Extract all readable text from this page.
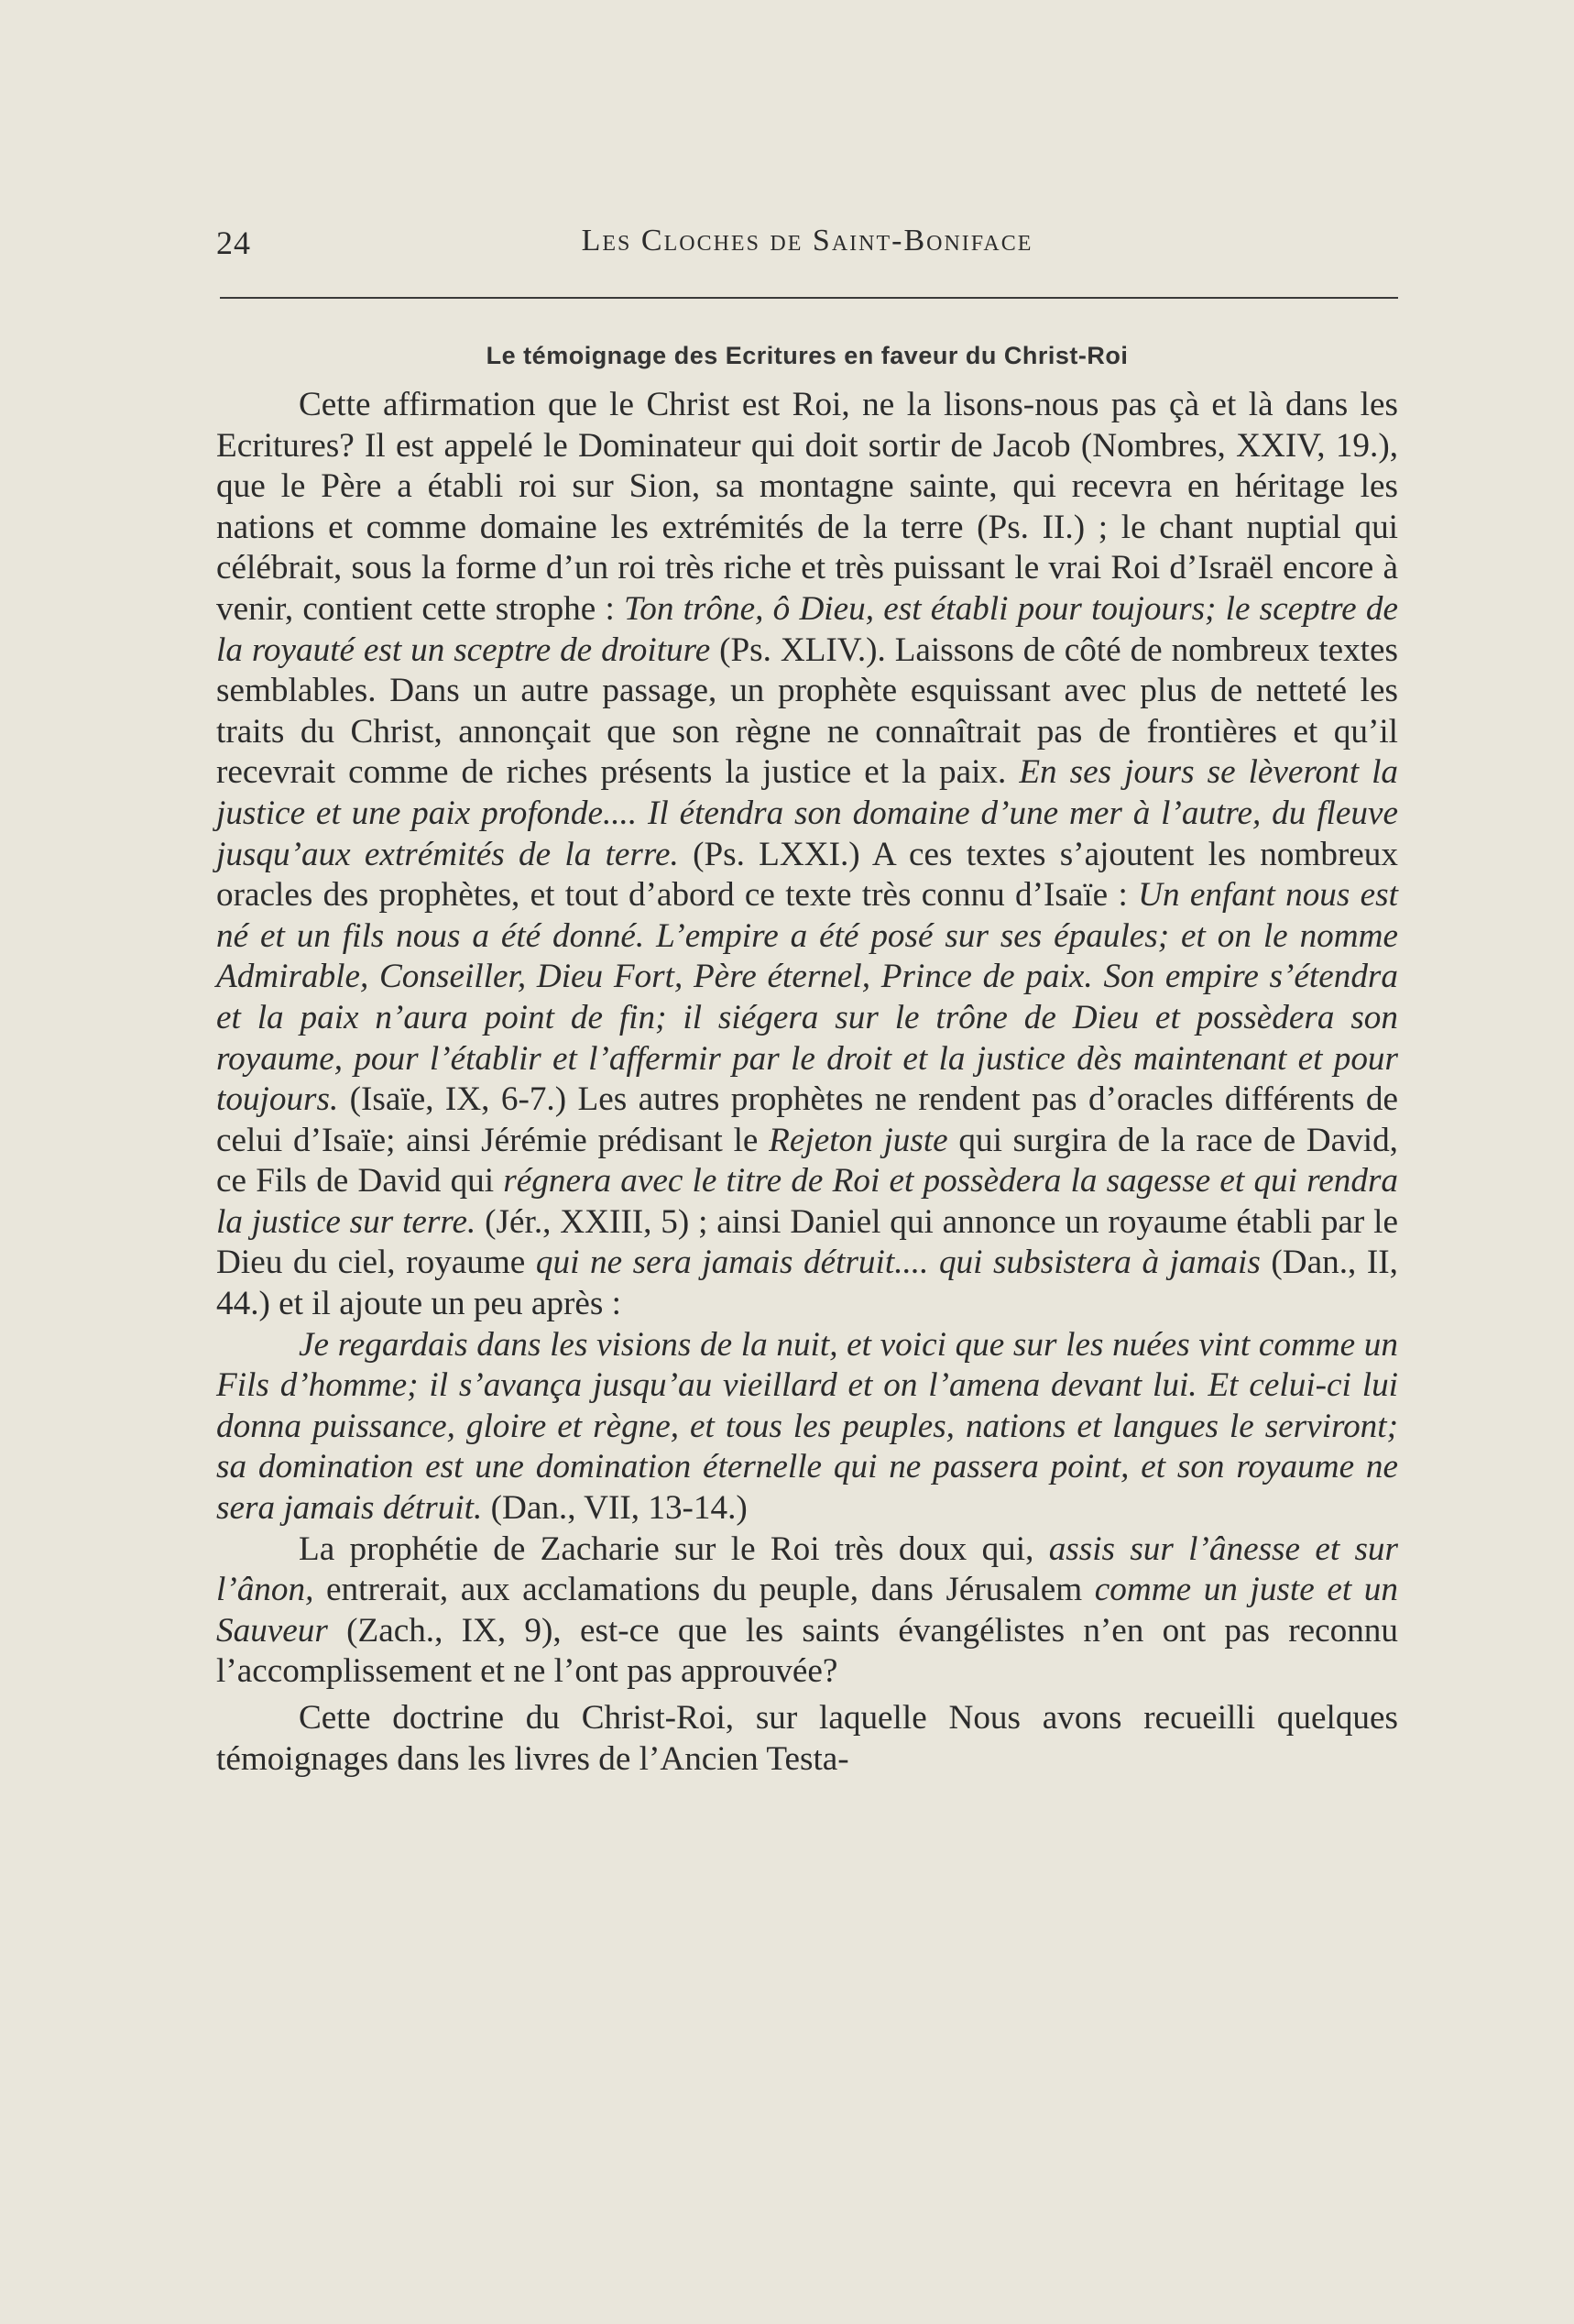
24	Les Cloches de Saint-Boniface
Le témoignage des Ecritures en faveur du Christ-Roi

Cette affirmation que le Christ est Roi, ne la lisons-nous pas çà et là dans les Ecritures? Il est appelé le Dominateur qui doit sortir de Jacob (Nombres, XXIV, 19.), que le Père a établi roi sur Sion, sa montagne sainte, qui recevra en héritage les nations et comme domaine les extrémités de la terre (Ps. II.) ; le chant nuptial qui célébrait, sous la forme d’un roi très riche et très puissant le vrai Roi d’Israël encore à venir, contient cette strophe : Ton trône, ô Dieu, est établi pour toujours; le sceptre de la royauté est un sceptre de droiture (Ps. XLIV.). Laissons de côté de nombreux textes semblables. Dans un autre passage, un prophète esquissant avec plus de netteté les traits du Christ, annonçait que son règne ne connaîtrait pas de frontières et qu’il recevrait comme de riches présents la justice et la paix. En ses jours se lèveront la justice et une paix profonde.... Il étendra son domaine d’une mer à l’autre, du fleuve jusqu’aux extrémités de la terre. (Ps. LXXI.) A ces textes s’ajoutent les nombreux oracles des prophètes, et tout d’abord ce texte très connu d’Isaïe : Un enfant nous est né et un fils nous a été donné. L’empire a été posé sur ses épaules; et on le nomme Admirable, Conseiller, Dieu Fort, Père éternel, Prince de paix. Son empire s’étendra et la paix n’aura point de fin; il siégera sur le trône de Dieu et possèdera son royaume, pour l’établir et l’affermir par le droit et la justice dès maintenant et pour toujours. (Isaïe, IX, 6-7.) Les autres prophètes ne rendent pas d’oracles différents de celui d’Isaïe; ainsi Jérémie prédisant le Rejeton juste qui surgira de la race de David, ce Fils de David qui régnera avec le titre de Roi et possèdera la sagesse et qui rendra la justice sur terre. (Jér., XXIII, 5) ; ainsi Daniel qui annonce un royaume établi par le Dieu du ciel, royaume qui ne sera jamais détruit.... qui subsistera à jamais (Dan., II, 44.) et il ajoute un peu après :

Je regardais dans les visions de la nuit, et voici que sur les nuées vint comme un Fils d’homme; il s’avança jusqu’au vieillard et on l’amena devant lui. Et celui-ci lui donna puissance, gloire et règne, et tous les peuples, nations et langues le serviront; sa domination est une domination éternelle qui ne passera point, et son royaume ne sera jamais détruit. (Dan., VII, 13-14.)

La prophétie de Zacharie sur le Roi très doux qui, assis sur l’ânesse et sur l’ânon, entrerait, aux acclamations du peuple, dans Jérusalem comme un juste et un Sauveur (Zach., IX, 9), est-ce que les saints évangélistes n’en ont pas reconnu l’accomplissement et ne l’ont pas approuvée?

Cette doctrine du Christ-Roi, sur laquelle Nous avons recueilli quelques témoignages dans les livres de l’Ancien Testa-
